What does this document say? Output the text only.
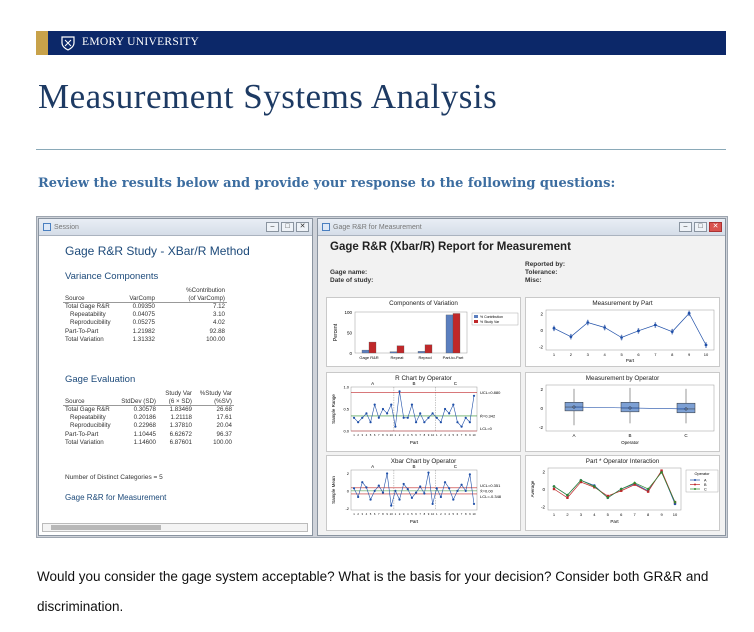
EMORY UNIVERSITY
Measurement Systems Analysis
Review the results below and provide your response to the following questions:
Session	–	□	✕
Gage R&R Study - XBar/R Method
Variance Components
		%Contribution
Source	VarComp	(of VarComp)
Total Gage R&R	0.09350	7.12
Repeatability	0.04075	3.10
Reproducibility	0.05275	4.02
Part-To-Part	1.21982	92.88
Total Variation	1.31332	100.00
Gage Evaluation
		Study Var	%Study Var
Source	StdDev (SD)	(6 × SD)	(%SV)
Total Gage R&R	0.30578	1.83469	26.68
Repeatability	0.20186	1.21118	17.61
Reproducibility	0.22968	1.37810	20.04
Part-To-Part	1.10445	6.62672	96.37
Total Variation	1.14600	6.87601	100.00
Number of Distinct Categories = 5
Gage R&R for Measurement
Gage R&R for Measurement	–	□	✕
Gage R&R (Xbar/R) Report for Measurement
Gage name:
Date of study:
Reported by:
Tolerance:
Misc:
Components of Variation
0
50
100
Percent
Gage R&R	Repeat	Reprod	Part-to-Part
% Contribution
% Study Var
Measurement by Part
2
0
-2
1	2	3	4	5	6	7	8	9	10
Part
R Chart by Operator
A	B	C
UCL=0.880
R̄=0.342
LCL=0
1 2 3 4 5 6 7 8 9 10 1 2 3 4 5 6 7 8 9 10 1 2 3 4 5 6 7 8 9 10
Part
1.0
0.5
0.0
Sample Range
Measurement by Operator
2
0
-2
A	B	C
Operator
Xbar Chart by Operator
A	B	C
UCL=0.351
X̄=0.00
LCL=-0.348
1 2 3 4 5 6 7 8 9 10 1 2 3 4 5 6 7 8 9 10 1 2 3 4 5 6 7 8 9 10
Part
2
0
-2
Sample Mean
Part * Operator Interaction
2
0
-2
Average
1	2	3	4	5	6	7	8	9	10
Part
Operator
A
B
C
Would you consider the gage system acceptable? What is the basis for your decision? Consider both GR&R and discrimination.
